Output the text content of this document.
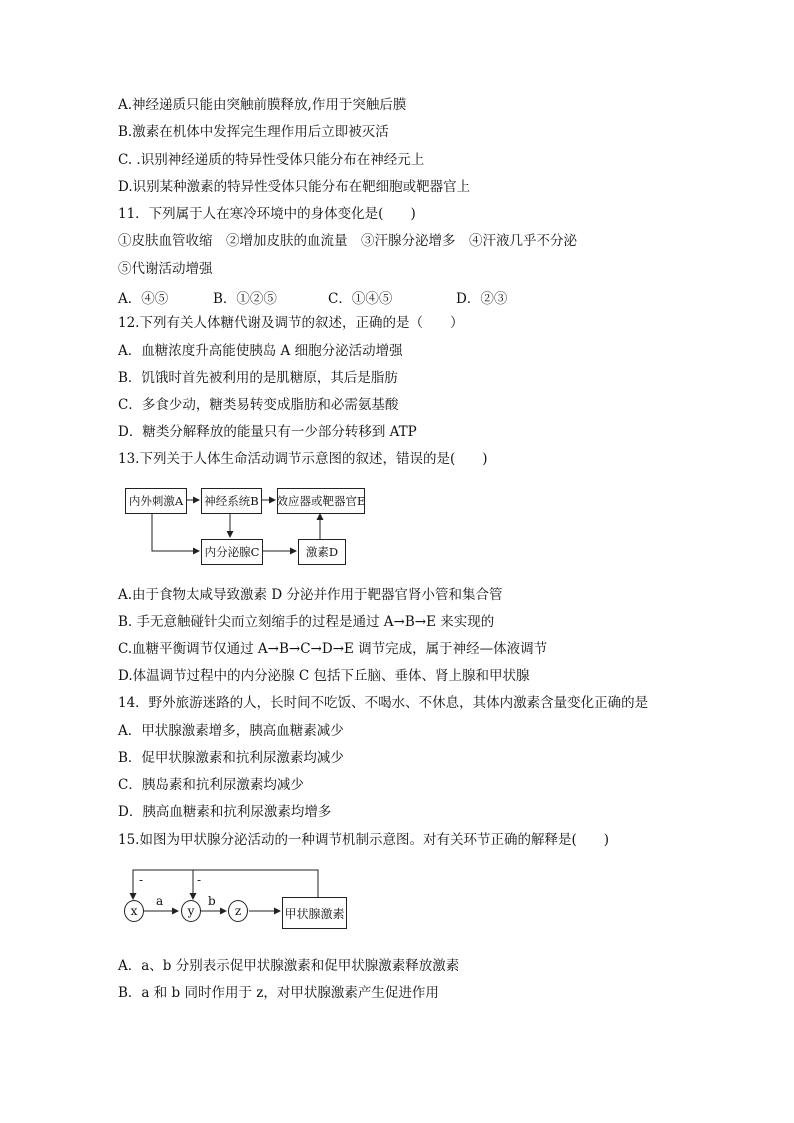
A.神经递质只能由突触前膜释放,作用于突触后膜
B.激素在机体中发挥完生理作用后立即被灭活
C. .识别神经递质的特异性受体只能分布在神经元上
D.识别某种激素的特异性受体只能分布在靶细胞或靶器官上
11．下列属于人在寒冷环境中的身体变化是(　　)
①皮肤血管收缩　②增加皮肤的血流量　③汗腺分泌增多　④汗液几乎不分泌
⑤代谢活动增强
A．④⑤	B．①②⑤	C．①④⑤	D．②③
12.下列有关人体糖代谢及调节的叙述，正确的是（　　）
A．血糖浓度升高能使胰岛 A 细胞分泌活动增强
B．饥饿时首先被利用的是肌糖原，其后是脂肪
C．多食少动，糖类易转变成脂肪和必需氨基酸
D．糖类分解释放的能量只有一少部分转移到 ATP
13.下列关于人体生命活动调节示意图的叙述，错误的是(　　)
内外刺激A	神经系统B 效应器或靶器官E
内分泌腺C	激素D
A.由于食物太咸导致激素 D 分泌并作用于靶器官肾小管和集合管
B. 手无意触碰针尖而立刻缩手的过程是通过 A→B→E 来实现的
C.血糖平衡调节仅通过 A→B→C→D→E 调节完成，属于神经—体液调节
D.体温调节过程中的内分泌腺 C 包括下丘脑、垂体、肾上腺和甲状腺
14．野外旅游迷路的人，长时间不吃饭、不喝水、不休息，其体内激素含量变化正确的是
A．甲状腺激素增多，胰高血糖素减少
B．促甲状腺激素和抗利尿激素均减少
C．胰岛素和抗利尿激素均减少
D．胰高血糖素和抗利尿激素均增多
15.如图为甲状腺分泌活动的一种调节机制示意图。对有关环节正确的解释是(　　)
-	-
x	y	z
a	b
甲状腺激素
A．a、b 分别表示促甲状腺激素和促甲状腺激素释放激素
B．a 和 b 同时作用于 z，对甲状腺激素产生促进作用
